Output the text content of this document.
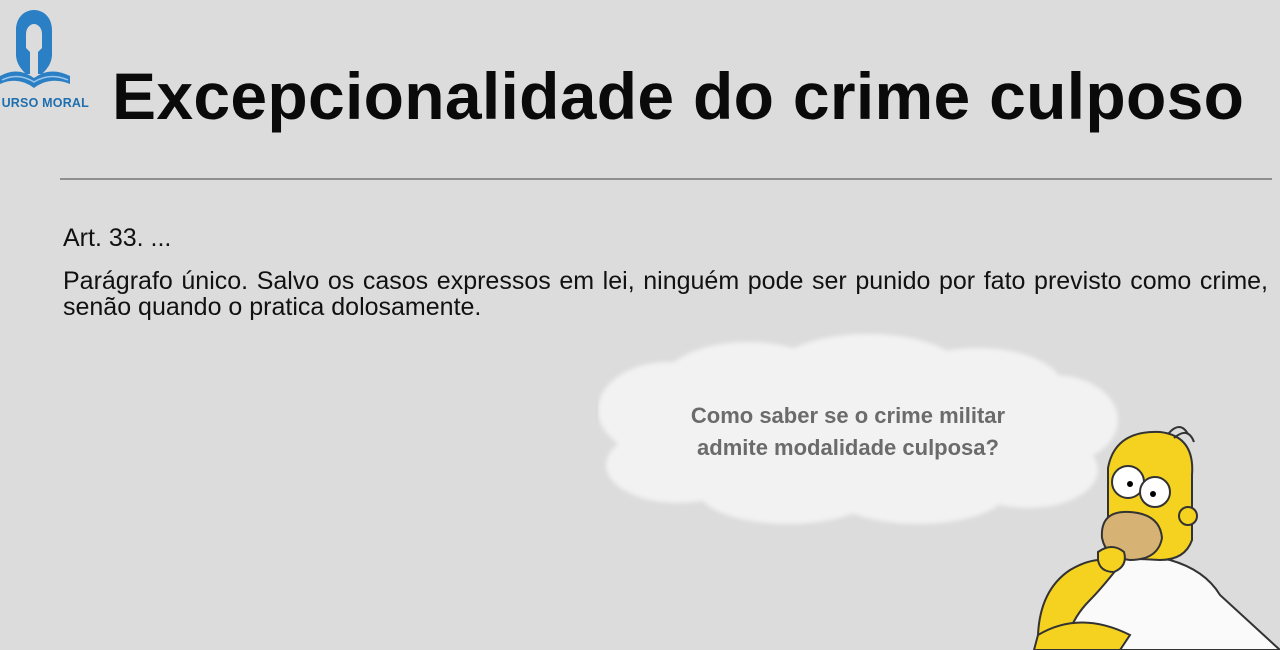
URSO MORAL Excepcionalidade do crime culposo
Art. 33. ...
Parágrafo único. Salvo os casos expressos em lei, ninguém pode ser punido por fato previsto como crime, senão quando o pratica dolosamente.
Como saber se o crime militar
admite modalidade culposa?
